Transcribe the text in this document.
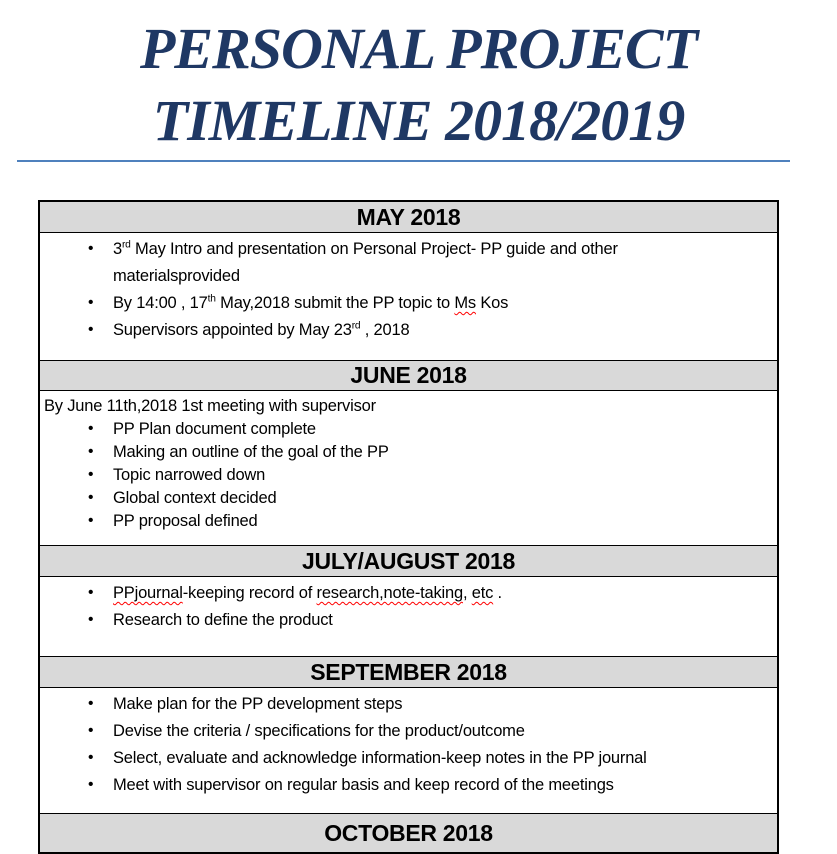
PERSONAL PROJECT
TIMELINE 2018/2019
MAY 2018

• 3rd May Intro and presentation on Personal Project- PP guide and other
materialsprovided
• By 14:00 , 17th May,2018 submit the PP topic to Ms Kos
• Supervisors appointed by May 23rd , 2018

JUNE 2018

By June 11th,2018 1st meeting with supervisor
• PP Plan document complete
• Making an outline of the goal of the PP
• Topic narrowed down
• Global context decided
• PP proposal defined

JULY/AUGUST 2018

• PPjournal-keeping record of research,note-taking, etc .
• Research to define the product

SEPTEMBER 2018

• Make plan for the PP development steps
• Devise the criteria / specifications for the product/outcome
• Select, evaluate and acknowledge information-keep notes in the PP journal
• Meet with supervisor on regular basis and keep record of the meetings

OCTOBER 2018
